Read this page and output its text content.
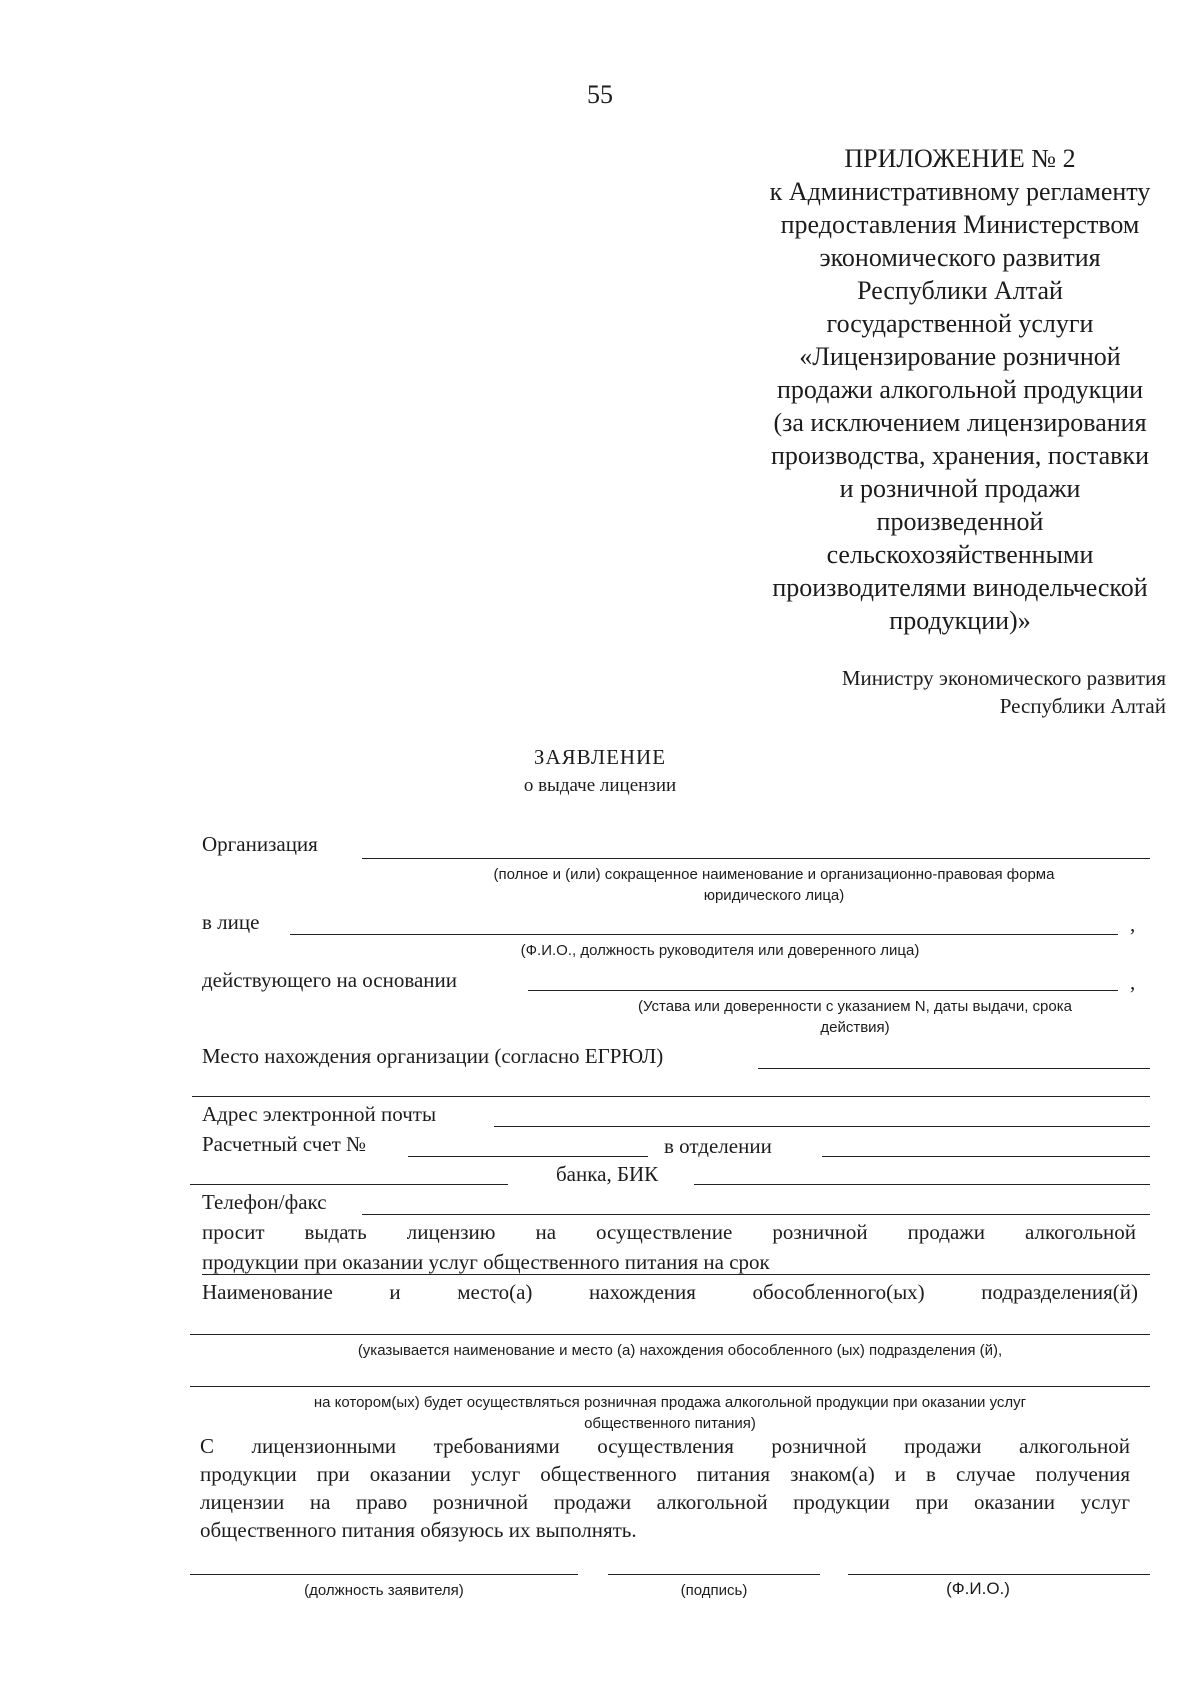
55
ПРИЛОЖЕНИЕ № 2
к Административному регламенту
предоставления Министерством
экономического развития
Республики Алтай
государственной услуги
«Лицензирование розничной
продажи алкогольной продукции
(за исключением лицензирования
производства, хранения, поставки
и розничной продажи
произведенной
сельскохозяйственными
производителями винодельческой
продукции)»
Министру экономического развития
Республики Алтай
ЗАЯВЛЕНИЕ
о выдаче лицензии
Организация
(полное и (или) сокращенное наименование и организационно-правовая форма
юридического лица)
в лице	,
(Ф.И.О., должность руководителя или доверенного лица)
действующего на основании	,
(Устава или доверенности с указанием N, даты выдачи, срока
действия)
Место нахождения организации (согласно ЕГРЮЛ)
Адрес электронной почты
Расчетный счет №	в отделении
банка, БИК
Телефон/факс
просит выдать лицензию на осуществление розничной продажи алкогольной
продукции при оказании услуг общественного питания на срок
Наименование и место(а) нахождения обособленного(ых) подразделения(й)
(указывается наименование и место (а) нахождения обособленного (ых) подразделения (й),
на котором(ых) будет осуществляться розничная продажа алкогольной продукции при оказании услуг
общественного питания)
С лицензионными требованиями осуществления розничной продажи алкогольной
продукции при оказании услуг общественного питания знаком(а) и в случае получения
лицензии на право розничной продажи алкогольной продукции при оказании услуг
общественного питания обязуюсь их выполнять.
(должность заявителя)	(подпись)	(Ф.И.О.)
